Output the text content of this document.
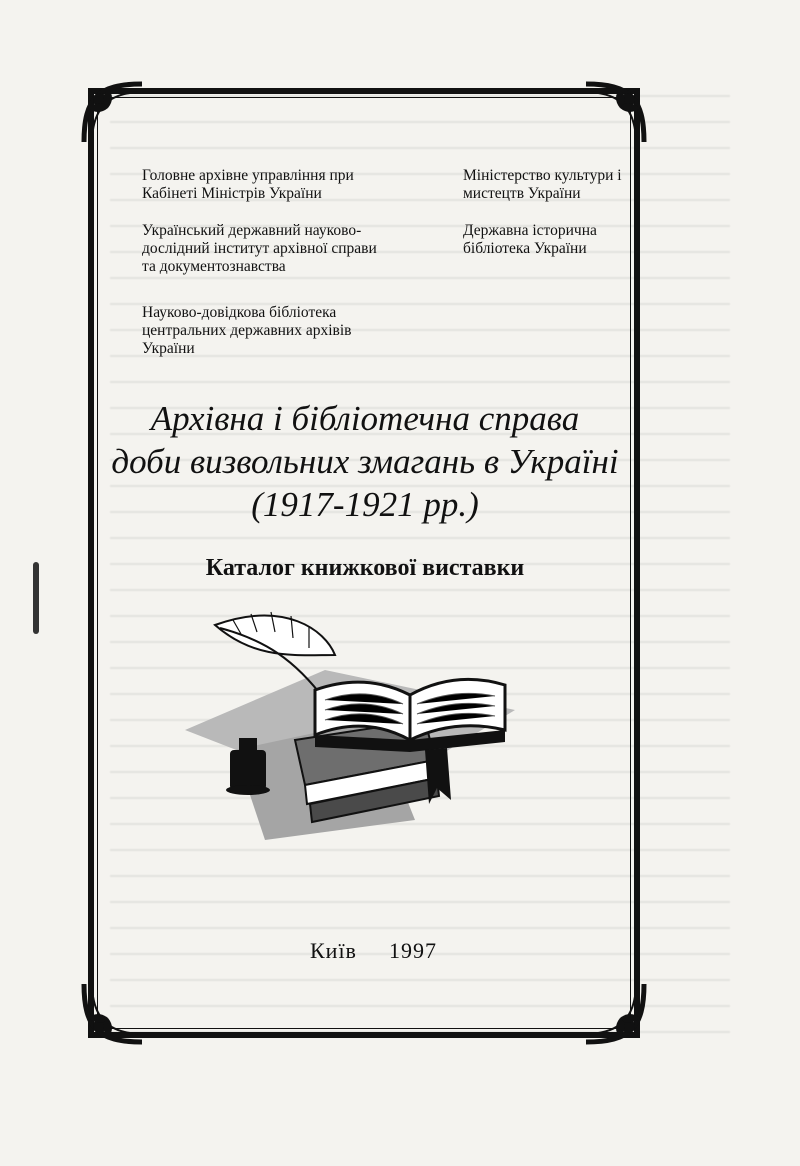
Головне архівне управління при
Кабінеті Міністрів України
Український державний науково-
дослідний інститут архівної справи
та документознавства
Науково-довідкова бібліотека
центральних державних архівів
України
Міністерство культури і
мистецтв України
Державна історична
бібліотека України
Архівна і бібліотечна справа
доби визвольних змагань в Україні
(1917-1921 рр.)
Каталог книжкової виставки
Київ 1997
